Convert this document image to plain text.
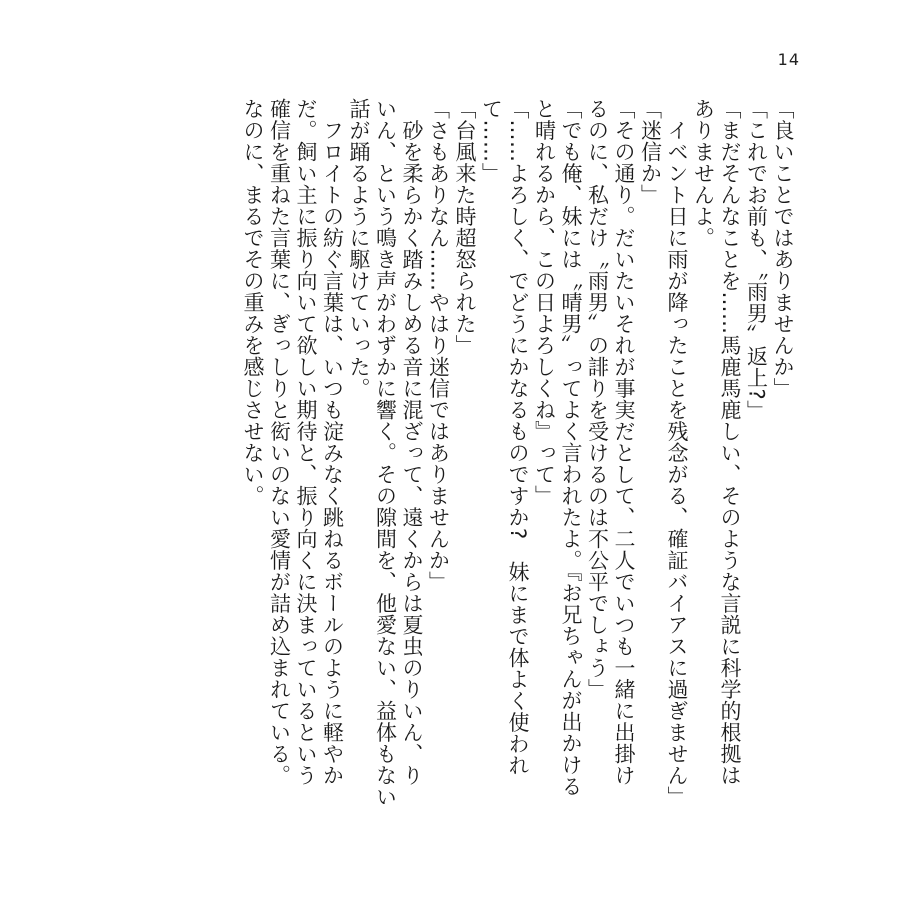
14

「良いことではありませんか」

「これでお前も、〝雨男〟返上?」

「まだそんなことを……馬鹿馬鹿しい、そのような言説に科学的根拠は

ありませんよ。

　イベント日に雨が降ったことを残念がる、確証バイアスに過ぎません」

「迷信か」

「その通り。だいたいそれが事実だとして、二人でいつも一緒に出掛け

るのに、私だけ〝雨男〟の誹りを受けるのは不公平でしょう」

「でも俺、妹には〝晴男〟ってよく言われたよ。『お兄ちゃんが出かける

と晴れるから、この日よろしくね』って」

「……よろしく、でどうにかなるものですか?　妹にまで体よく使われ

て……」

「台風来た時超怒られた」

「さもありなん……やはり迷信ではありませんか」

　砂を柔らかく踏みしめる音に混ざって、遠くからは夏虫のりいん、り

いん、という鳴き声がわずかに響く。その隙間を、他愛ない、益体もない

話が踊るように駆けていった。

　フロイトの紡ぐ言葉は、いつも淀みなく跳ねるボールのように軽やか

だ。飼い主に振り向いて欲しい期待と、振り向くに決まっているという

確信を重ねた言葉に、ぎっしりと衒いのない愛情が詰め込まれている。

なのに、まるでその重みを感じさせない。
